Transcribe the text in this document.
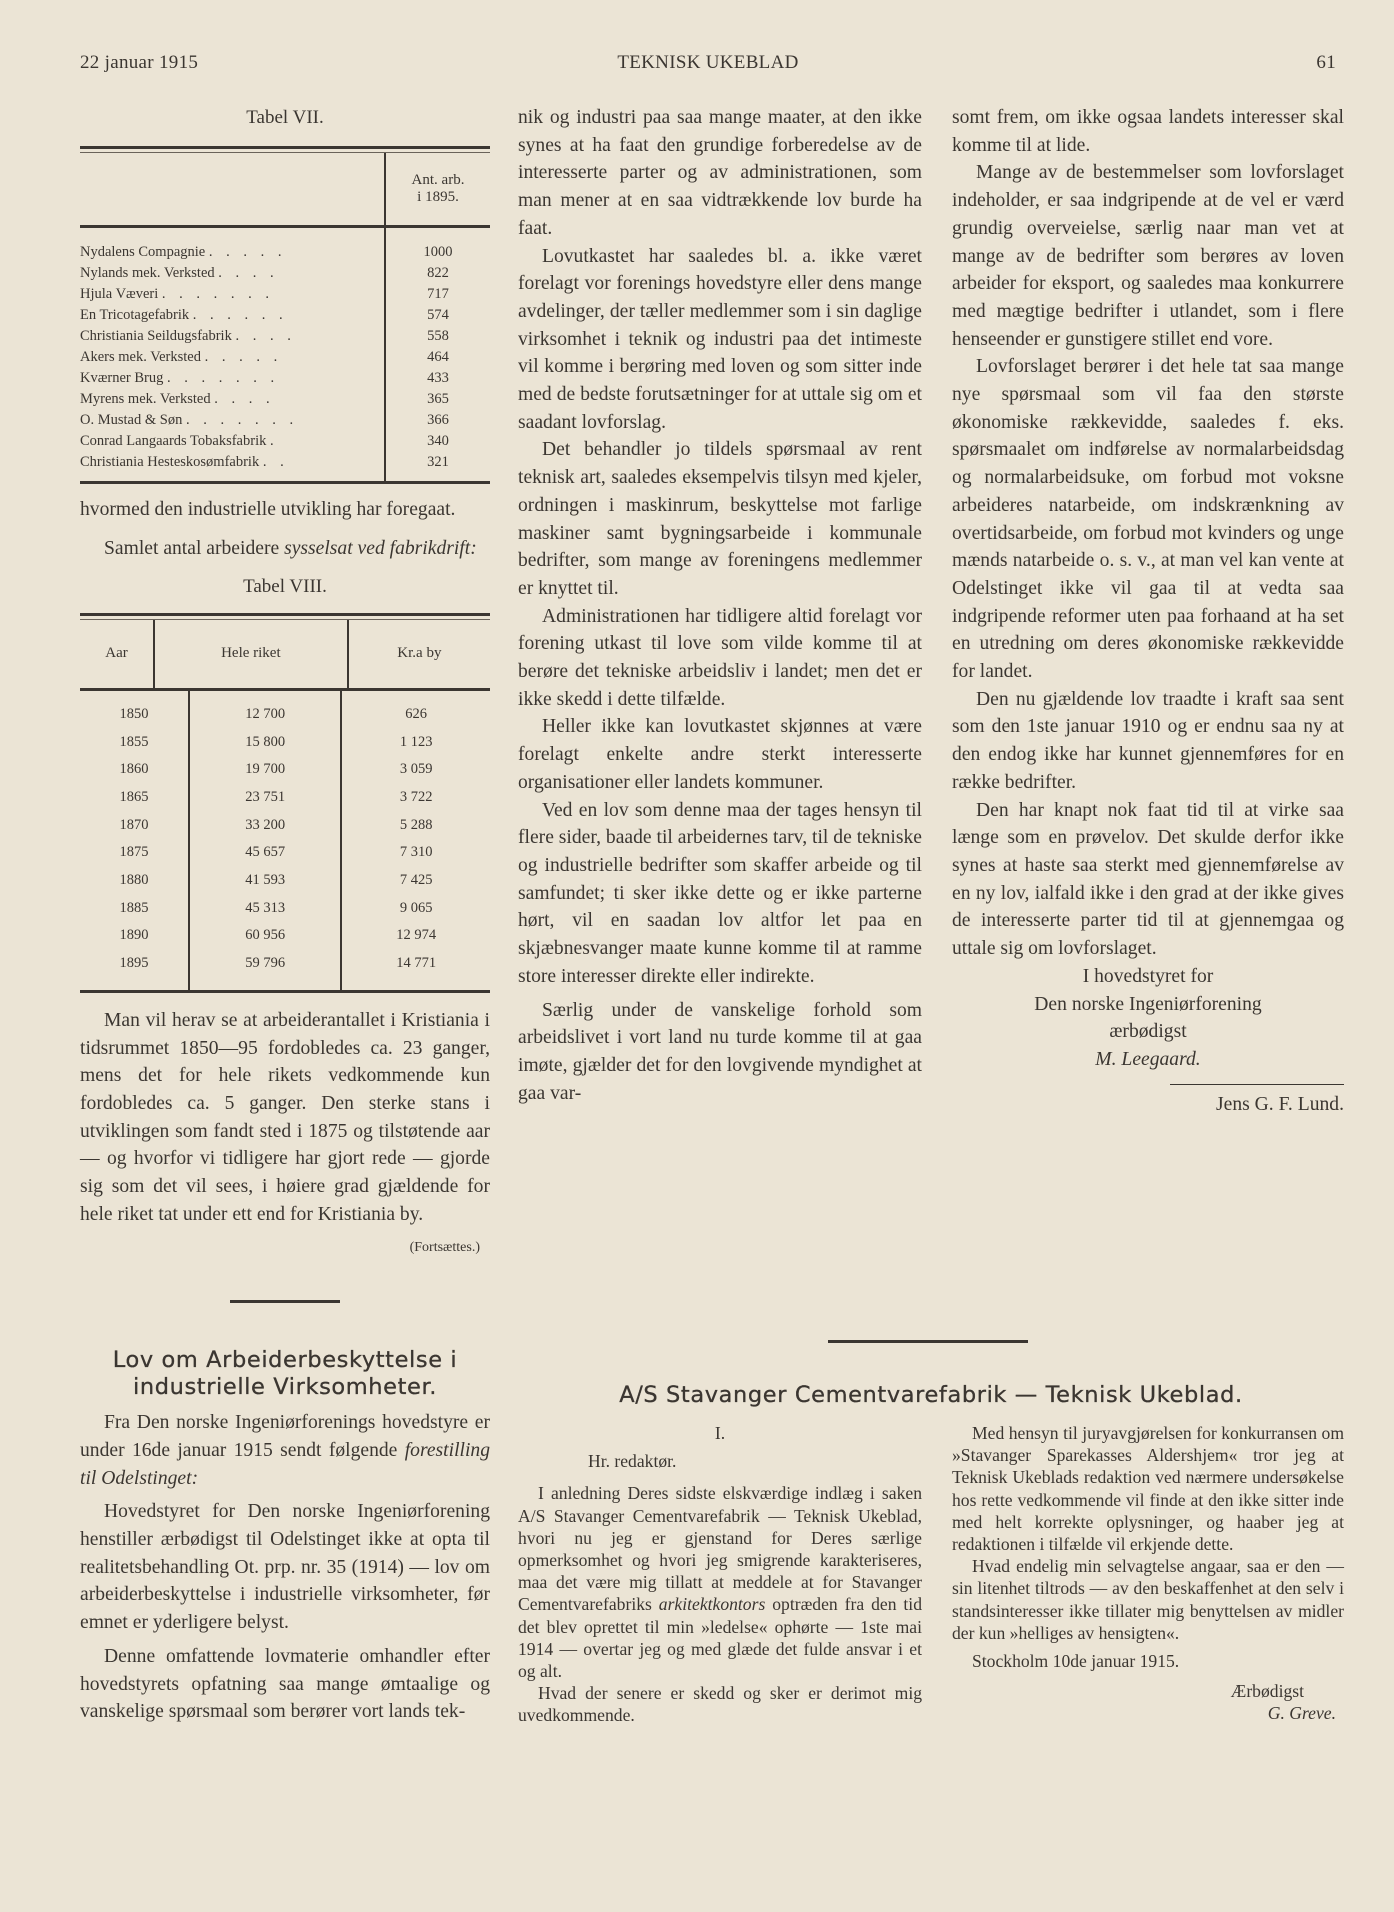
22 januar 1915	TEKNISK UKEBLAD	61
Tabel VII.

Ant. arb.
i 1895.

Nydalens Compagnie . . . . .	1000
Nylands mek. Verksted . . . .	822
Hjula Væveri . . . . . . .	717
En Tricotagefabrik . . . . . .	574
Christiania Seildugsfabrik . . . .	558
Akers mek. Verksted . . . . .	464
Kværner Brug . . . . . . .	433
Myrens mek. Verksted . . . .	365
O. Mustad & Søn . . . . . . .	366
Conrad Langaards Tobaksfabrik .	340
Christiania Hesteskosømfabrik . .	321

hvormed den industrielle utvikling har foregaat.

Samlet antal arbeidere sysselsat ved fabrikdrift:

Tabel VIII.
Aar	Hele riket	Kr.a by

1850	12 700	626
1855	15 800	1 123
1860	19 700	3 059
1865	23 751	3 722
1870	33 200	5 288
1875	45 657	7 310
1880	41 593	7 425
1885	45 313	9 065
1890	60 956	12 974
1895	59 796	14 771

Man vil herav se at arbeiderantallet i Kristiania i tidsrummet 1850—95 fordobledes ca. 23 ganger, mens det for hele rikets vedkommende kun fordobledes ca. 5 ganger. Den sterke stans i utviklingen som fandt sted i 1875 og tilstøtende aar — og hvorfor vi tidligere har gjort rede — gjorde sig som det vil sees, i høiere grad gjældende for hele riket tat under ett end for Kristiania by.

(Fortsættes.)
Lov om Arbeiderbeskyttelse i industrielle Virksomheter.

Fra Den norske Ingeniørforenings hovedstyre er under 16de januar 1915 sendt følgende forestilling til Odelstinget:

Hovedstyret for Den norske Ingeniørforening henstiller ærbødigst til Odelstinget ikke at opta til realitetsbehandling Ot. prp. nr. 35 (1914) — lov om arbeiderbeskyttelse i industrielle virksomheter, før emnet er yderligere belyst.

Denne omfattende lovmaterie omhandler efter hovedstyrets opfatning saa mange ømtaalige og vanskelige spørsmaal som berører vort lands tek-

nik og industri paa saa mange maater, at den ikke synes at ha faat den grundige forberedelse av de interesserte parter og av administrationen, som man mener at en saa vidtrækkende lov burde ha faat.

Lovutkastet har saaledes bl. a. ikke været forelagt vor forenings hovedstyre eller dens mange avdelinger, der tæller medlemmer som i sin daglige virksomhet i teknik og industri paa det intimeste vil komme i berøring med loven og som sitter inde med de bedste forutsætninger for at uttale sig om et saadant lovforslag.

Det behandler jo tildels spørsmaal av rent teknisk art, saaledes eksempelvis tilsyn med kjeler, ordningen i maskinrum, beskyttelse mot farlige maskiner samt bygningsarbeide i kommunale bedrifter, som mange av foreningens medlemmer er knyttet til.

Administrationen har tidligere altid forelagt vor forening utkast til love som vilde komme til at berøre det tekniske arbeidsliv i landet; men det er ikke skedd i dette tilfælde.

Heller ikke kan lovutkastet skjønnes at være forelagt enkelte andre sterkt interesserte organisationer eller landets kommuner.

Ved en lov som denne maa der tages hensyn til flere sider, baade til arbeidernes tarv, til de tekniske og industrielle bedrifter som skaffer arbeide og til samfundet; ti sker ikke dette og er ikke parterne hørt, vil en saadan lov altfor let paa en skjæbnesvanger maate kunne komme til at ramme store interesser direkte eller indirekte.

Særlig under de vanskelige forhold som arbeidslivet i vort land nu turde komme til at gaa imøte, gjælder det for den lovgivende myndighet at gaa var-

somt frem, om ikke ogsaa landets interesser skal komme til at lide.

Mange av de bestemmelser som lovforslaget indeholder, er saa indgripende at de vel er værd grundig overveielse, særlig naar man vet at mange av de bedrifter som berøres av loven arbeider for eksport, og saaledes maa konkurrere med mægtige bedrifter i utlandet, som i flere henseender er gunstigere stillet end vore.

Lovforslaget berører i det hele tat saa mange nye spørsmaal som vil faa den største økonomiske rækkevidde, saaledes f. eks. spørsmaalet om indførelse av normalarbeidsdag og normalarbeidsuke, om forbud mot voksne arbeideres natarbeide, om indskrænkning av overtidsarbeide, om forbud mot kvinders og unge mænds natarbeide o. s. v., at man vel kan vente at Odelstinget ikke vil gaa til at vedta saa indgripende reformer uten paa forhaand at ha set en utredning om deres økonomiske rækkevidde for landet.

Den nu gjældende lov traadte i kraft saa sent som den 1ste januar 1910 og er endnu saa ny at den endog ikke har kunnet gjennemføres for en række bedrifter.

Den har knapt nok faat tid til at virke saa længe som en prøvelov. Det skulde derfor ikke synes at haste saa sterkt med gjennemførelse av en ny lov, ialfald ikke i den grad at der ikke gives de interesserte parter tid til at gjennemgaa og uttale sig om lovforslaget.

I hovedstyret for
Den norske Ingeniørforening
ærbødigst
M. Leegaard.
Jens G. F. Lund.
A/S Stavanger Cementvarefabrik — Teknisk Ukeblad.
I.
Hr. redaktør.

I anledning Deres sidste elskværdige indlæg i saken A/S Stavanger Cementvarefabrik — Teknisk Ukeblad, hvori nu jeg er gjenstand for Deres særlige opmerksomhet og hvori jeg smigrende karakteriseres, maa det være mig tillatt at meddele at for Stavanger Cementvarefabriks arkitektkontors optræden fra den tid det blev oprettet til min »ledelse« ophørte — 1ste mai 1914 — overtar jeg og med glæde det fulde ansvar i et og alt.

Hvad der senere er skedd og sker er derimot mig uvedkommende.

Med hensyn til juryavgjørelsen for konkurransen om »Stavanger Sparekasses Aldershjem« tror jeg at Teknisk Ukeblads redaktion ved nærmere undersøkelse hos rette vedkommende vil finde at den ikke sitter inde med helt korrekte oplysninger, og haaber jeg at redaktionen i tilfælde vil erkjende dette.

Hvad endelig min selvagtelse angaar, saa er den — sin litenhet tiltrods — av den beskaffenhet at den selv i standsinteresser ikke tillater mig benyttelsen av midler der kun »helliges av hensigten«.

Stockholm 10de januar 1915.

Ærbødigst
G. Greve.
